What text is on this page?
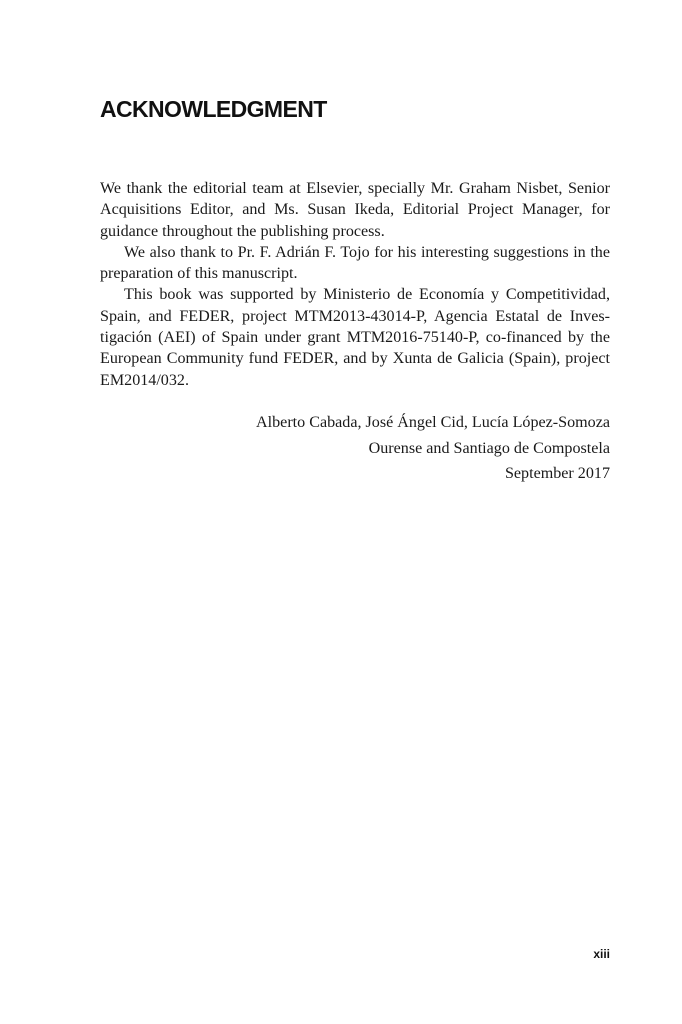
ACKNOWLEDGMENT

We thank the editorial team at Elsevier, specially Mr. Graham Nisbet, Senior Acquisitions Editor, and Ms. Susan Ikeda, Editorial Project Manager, for guidance throughout the publishing process.

We also thank to Pr. F. Adrián F. Tojo for his interesting suggestions in the preparation of this manuscript.

This book was supported by Ministerio de Economía y Competitividad, Spain, and FEDER, project MTM2013-43014-P, Agencia Estatal de Investigación (AEI) of Spain under grant MTM2016-75140-P, co-financed by the European Community fund FEDER, and by Xunta de Galicia (Spain), project EM2014/032.

Alberto Cabada, José Ángel Cid, Lucía López-Somoza
Ourense and Santiago de Compostela
September 2017
xiii
